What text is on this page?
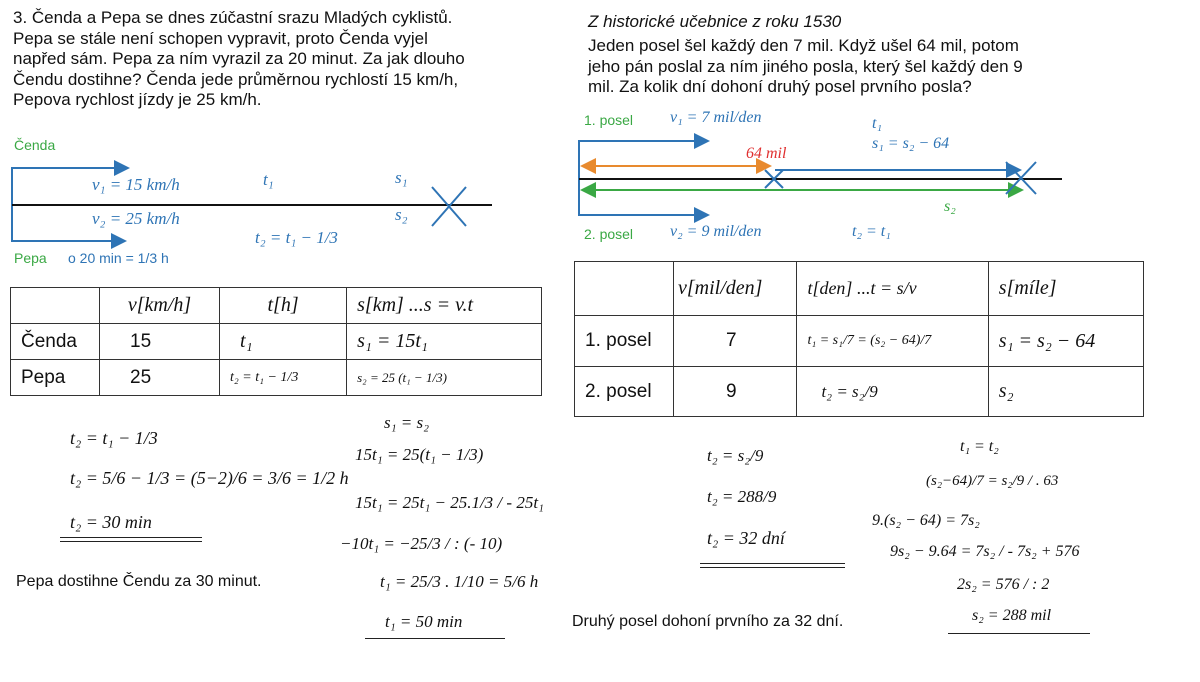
3. Čenda a Pepa se dnes zúčastní srazu Mladých cyklistů.
Pepa se stále není schopen vypravit, proto Čenda vyjel
napřed sám. Pepa za ním vyrazil za 20 minut. Za jak dlouho
Čendu dostihne? Čenda jede průměrnou rychlostí 15 km/h,
Pepova rychlost jízdy je 25 km/h.
Čenda
v₁ = 15 km/h
v₂ = 25 km/h
t₁
t₂ = t₁ − 1/3
s₁
s₂
Pepa o 20 min = 1/3 h
	v[km/h]	t[h]	s[km] ...s = v.t
Čenda	15	t₁	s₁ = 15t₁
Pepa	25	t₂ = t₁ − 1/3	s₂ = 25 (t₁ − 1/3)
t₂ = t₁ − 1/3
t₂ = 5/6 − 1/3 = (5−2)/6 = 3/6 = 1/2 h
t₂ = 30 min
s₁ = s₂
15t₁ = 25(t₁ − 1/3)
15t₁ = 25t₁ − 25.1/3 / - 25t₁
−10t₁ = −25/3 / : (- 10)
t₁ = 25/3 . 1/10 = 5/6 h
t₁ = 50 min
Pepa dostihne Čendu za 30 minut.
Z historické učebnice z roku 1530
Jeden posel šel každý den 7 mil. Když ušel 64 mil, potom
jeho pán poslal za ním jiného posla, který šel každý den 9
mil. Za kolik dní dohoní druhý posel prvního posla?
1. posel v₁ = 7 mil/den	t₁
s₁ = s₂ − 64
64 mil
s₂
2. posel v₂ = 9 mil/den	t₂ = t₁
	v[mil/den]	t[den] ...t = s/v	s[míle]
1. posel	7	t₁ = s₁/7 = (s₂ − 64)/7	s₁ = s₂ − 64
2. posel	9	t₂ = s₂/9	s₂
t₂ = s₂/9
t₂ = 288/9
t₂ = 32 dní
t₁ = t₂
(s₂−64)/7 = s₂/9 / . 63
9.(s₂ − 64) = 7s₂
9s₂ − 9.64 = 7s₂ / - 7s₂ + 576
2s₂ = 576 / : 2
s₂ = 288 mil
Druhý posel dohoní prvního za 32 dní.
